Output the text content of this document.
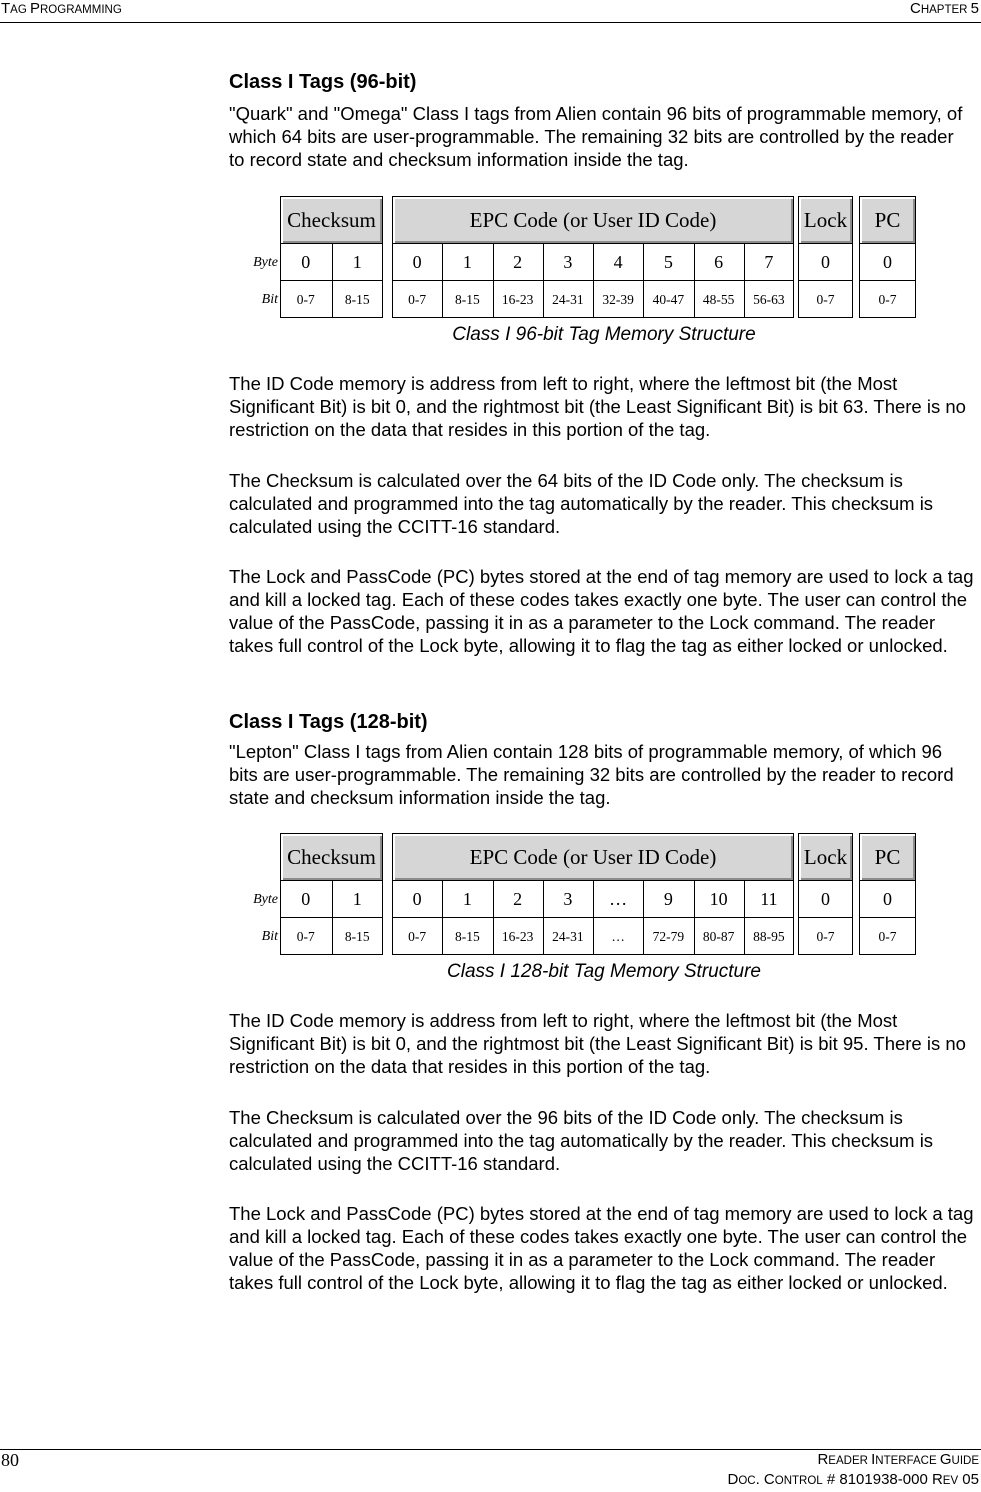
TAG PROGRAMMING	CHAPTER 5
Class I Tags (96-bit)

"Quark" and "Omega" Class I tags from Alien contain 96 bits of programmable memory, of which 64 bits are user-programmable. The remaining 32 bits are controlled by the reader to record state and checksum information inside the tag.

Byte
Bit
Checksum
0
0-7
1
8-15
EPC Code (or User ID Code)
0
0-7
1
8-15
2
16-23
3
24-31
4
32-39
5
40-47
6
48-55
7
56-63
Lock
0
0-7
PC
0
0-7
Class I 96-bit Tag Memory Structure

The ID Code memory is address from left to right, where the leftmost bit (the Most Significant Bit) is bit 0, and the rightmost bit (the Least Significant Bit) is bit 63. There is no restriction on the data that resides in this portion of the tag.

The Checksum is calculated over the 64 bits of the ID Code only. The checksum is calculated and programmed into the tag automatically by the reader. This checksum is calculated using the CCITT-16 standard.

The Lock and PassCode (PC) bytes stored at the end of tag memory are used to lock a tag and kill a locked tag. Each of these codes takes exactly one byte. The user can control the value of the PassCode, passing it in as a parameter to the Lock command. The reader takes full control of the Lock byte, allowing it to flag the tag as either locked or unlocked.

Class I Tags (128-bit)

"Lepton" Class I tags from Alien contain 128 bits of programmable memory, of which 96 bits are user-programmable. The remaining 32 bits are controlled by the reader to record state and checksum information inside the tag.

Byte
Bit
Checksum
0
0-7
1
8-15
EPC Code (or User ID Code)
0
0-7
1
8-15
2
16-23
3
24-31
…
…
9
72-79
10
80-87
11
88-95
Lock
0
0-7
PC
0
0-7
Class I 128-bit Tag Memory Structure

The ID Code memory is address from left to right, where the leftmost bit (the Most Significant Bit) is bit 0, and the rightmost bit (the Least Significant Bit) is bit 95. There is no restriction on the data that resides in this portion of the tag.

The Checksum is calculated over the 96 bits of the ID Code only. The checksum is calculated and programmed into the tag automatically by the reader. This checksum is calculated using the CCITT-16 standard.

The Lock and PassCode (PC) bytes stored at the end of tag memory are used to lock a tag and kill a locked tag. Each of these codes takes exactly one byte. The user can control the value of the PassCode, passing it in as a parameter to the Lock command. The reader takes full control of the Lock byte, allowing it to flag the tag as either locked or unlocked.

80	READER INTERFACE GUIDE
DOC. CONTROL # 8101938-000 REV 05
